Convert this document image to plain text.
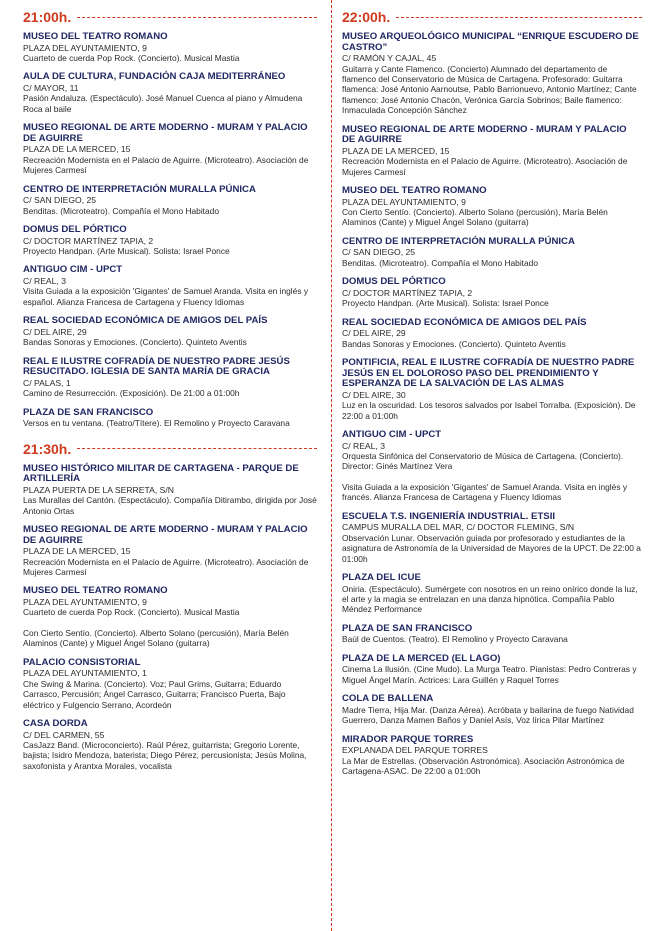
21:00h.
MUSEO DEL TEATRO ROMANO
PLAZA DEL AYUNTAMIENTO, 9
Cuarteto de cuerda Pop Rock. (Concierto). Musical Mastia
AULA DE CULTURA, FUNDACIÓN CAJA MEDITERRÁNEO
C/ MAYOR, 11
Pasión Andaluza. (Espectáculo). José Manuel Cuenca al piano y Almudena Roca al baile
MUSEO REGIONAL DE ARTE MODERNO - MURAM Y PALACIO DE AGUIRRE
PLAZA DE LA MERCED, 15
Recreación Modernista en el Palacio de Aguirre. (Microteatro). Asociación de Mujeres Carmesí
CENTRO DE INTERPRETACIÓN MURALLA PÚNICA
C/ SAN DIEGO, 25
Benditas. (Microteatro). Compañía el Mono Habitado
DOMUS DEL PÓRTICO
C/ DOCTOR MARTÍNEZ TAPIA, 2
Proyecto Handpan. (Arte Musical). Solista: Israel Ponce
ANTIGUO CIM - UPCT
C/ REAL, 3
Visita Guiada a la exposición 'Gigantes' de Samuel Aranda. Visita en inglés y español. Alianza Francesa de Cartagena y Fluency Idiomas
REAL SOCIEDAD ECONÓMICA DE AMIGOS DEL PAÍS
C/ DEL AIRE, 29
Bandas Sonoras y Emociones. (Concierto). Quinteto Aventis
REAL E ILUSTRE COFRADÍA DE NUESTRO PADRE JESÚS RESUCITADO. IGLESIA DE SANTA MARÍA DE GRACIA
C/ PALAS, 1
Camino de Resurrección. (Exposición). De 21:00 a 01:00h
PLAZA DE SAN FRANCISCO
Versos en tu ventana. (Teatro/Títere). El Remolino y Proyecto Caravana
21:30h.
MUSEO HISTÓRICO MILITAR DE CARTAGENA - PARQUE DE ARTILLERÍA
PLAZA PUERTA DE LA SERRETA, S/N
Las Murallas del Cantón. (Espectáculo). Compañía Ditirambo, dirigida por José Antonio Ortas
MUSEO REGIONAL DE ARTE MODERNO - MURAM Y PALACIO DE AGUIRRE
PLAZA DE LA MERCED, 15
Recreación Modernista en el Palacio de Aguirre. (Microteatro). Asociación de Mujeres Carmesí
MUSEO DEL TEATRO ROMANO
PLAZA DEL AYUNTAMIENTO, 9
Cuarteto de cuerda Pop Rock. (Concierto). Musical Mastia
Con Cierto Sentío. (Concierto). Alberto Solano (percusión), María Belén Alaminos (Cante) y Miguel Ángel Solano (guitarra)
PALACIO CONSISTORIAL
PLAZA DEL AYUNTAMIENTO, 1
Che Swing & Marina. (Concierto). Voz; Paul Grims, Guitarra; Eduardo Carrasco, Percusión; Ángel Carrasco, Guitarra; Francisco Puerta, Bajo eléctrico y Fulgencio Serrano, Acordeón
CASA DORDA
C/ DEL CARMEN, 55
CasJazz Band. (Microconcierto). Raúl Pérez, guitarrista; Gregorio Lorente, bajista; Isidro Mendoza, baterista; Diego Pérez, percusionista; Jesús Molina, saxofonista y Arantxa Morales, vocalista
22:00h.
MUSEO ARQUEOLÓGICO MUNICIPAL “ENRIQUE ESCUDERO DE CASTRO”
C/ RAMÓN Y CAJAL, 45
Guitarra y Cante Flamenco. (Concierto) Alumnado del departamento de flamenco del Conservatorio de Música de Cartagena. Profesorado: Guitarra flamenca: José Antonio Aarnoutse, Pablo Barrionuevo, Antonio Martínez; Cante flamenco: José Antonio Chacón, Verónica García Sobrinos; Baile flamenco: Inmaculada Concepción Sánchez
MUSEO REGIONAL DE ARTE MODERNO - MURAM Y PALACIO DE AGUIRRE
PLAZA DE LA MERCED, 15
Recreación Modernista en el Palacio de Aguirre. (Microteatro). Asociación de Mujeres Carmesí
MUSEO DEL TEATRO ROMANO
PLAZA DEL AYUNTAMIENTO, 9
Con Cierto Sentío. (Concierto). Alberto Solano (percusión), María Belén Alaminos (Cante) y Miguel Ángel Solano (guitarra)
CENTRO DE INTERPRETACIÓN MURALLA PÚNICA
C/ SAN DIEGO, 25
Benditas. (Microteatro). Compañía el Mono Habitado
DOMUS DEL PÓRTICO
C/ DOCTOR MARTÍNEZ TAPIA, 2
Proyecto Handpan. (Arte Musical). Solista: Israel Ponce
REAL SOCIEDAD ECONÓMICA DE AMIGOS DEL PAÍS
C/ DEL AIRE, 29
Bandas Sonoras y Emociones. (Concierto). Quinteto Aventis
PONTIFICIA, REAL E ILUSTRE COFRADÍA DE NUESTRO PADRE JESÚS EN EL DOLOROSO PASO DEL PRENDIMIENTO Y ESPERANZA DE LA SALVACIÓN DE LAS ALMAS
C/ DEL AIRE, 30
Luz en la oscuridad. Los tesoros salvados por Isabel Torralba. (Exposición). De 22:00 a 01:00h
ANTIGUO CIM - UPCT
C/ REAL, 3
Orquesta Sinfónica del Conservatorio de Música de Cartagena. (Concierto). Director: Ginés Martínez Vera
Visita Guiada a la exposición 'Gigantes' de Samuel Aranda. Visita en inglés y francés. Alianza Francesa de Cartagena y Fluency Idiomas
ESCUELA T.S. INGENIERÍA INDUSTRIAL. ETSII
CAMPUS MURALLA DEL MAR, C/ DOCTOR FLEMING, S/N
Observación Lunar. Observación guiada por profesorado y estudiantes de la asignatura de Astronomía de la Universidad de Mayores de la UPCT. De 22:00 a 01:00h
PLAZA DEL ICUE
Oniria. (Espectáculo). Sumérgete con nosotros en un reino onírico donde la luz, el arte y la magia se entrelazan en una danza hipnótica. Compañía Pablo Méndez Performance
PLAZA DE SAN FRANCISCO
Baúl de Cuentos. (Teatro). El Remolino y Proyecto Caravana
PLAZA DE LA MERCED (EL LAGO)
Cinema La Ilusión. (Cine Mudo). La Murga Teatro. Pianistas: Pedro Contreras y Miguel Ángel Marín. Actrices: Lara Guillén y Raquel Torres
COLA DE BALLENA
Madre Tierra, Hija Mar. (Danza Aérea). Acróbata y bailarina de fuego Natividad Guerrero, Danza Mamen Baños y Daniel Asís, Voz lírica Pilar Martínez
MIRADOR PARQUE TORRES
EXPLANADA DEL PARQUE TORRES
La Mar de Estrellas. (Observación Astronómica). Asociación Astronómica de Cartagena-ASAC. De 22:00 a 01:00h
